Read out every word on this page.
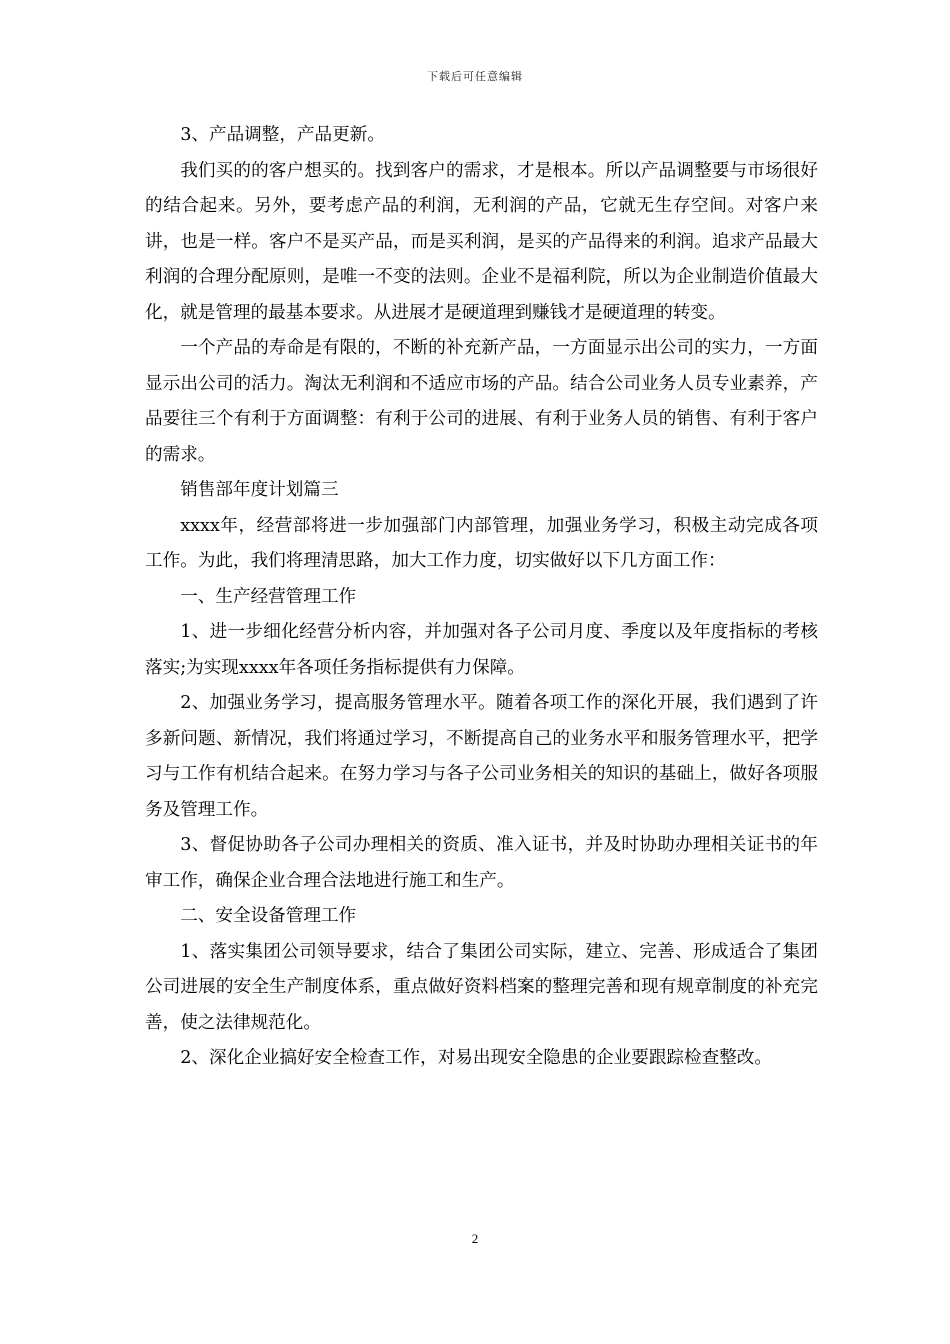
下载后可任意编辑

3、产品调整，产品更新。

我们买的的客户想买的。找到客户的需求，才是根本。所以产品调整要与市场很好的结合起来。另外，要考虑产品的利润，无利润的产品，它就无生存空间。对客户来讲，也是一样。客户不是买产品，而是买利润，是买的产品得来的利润。追求产品最大利润的合理分配原则，是唯一不变的法则。企业不是福利院，所以为企业制造价值最大化，就是管理的最基本要求。从进展才是硬道理到赚钱才是硬道理的转变。

一个产品的寿命是有限的，不断的补充新产品，一方面显示出公司的实力，一方面显示出公司的活力。淘汰无利润和不适应市场的产品。结合公司业务人员专业素养，产品要往三个有利于方面调整：有利于公司的进展、有利于业务人员的销售、有利于客户的需求。

销售部年度计划篇三

xxxx年，经营部将进一步加强部门内部管理，加强业务学习，积极主动完成各项工作。为此，我们将理清思路，加大工作力度，切实做好以下几方面工作：

一、生产经营管理工作

1、进一步细化经营分析内容，并加强对各子公司月度、季度以及年度指标的考核落实;为实现xxxx年各项任务指标提供有力保障。

2、加强业务学习，提高服务管理水平。随着各项工作的深化开展，我们遇到了许多新问题、新情况，我们将通过学习，不断提高自己的业务水平和服务管理水平，把学习与工作有机结合起来。在努力学习与各子公司业务相关的知识的基础上，做好各项服务及管理工作。

3、督促协助各子公司办理相关的资质、准入证书，并及时协助办理相关证书的年审工作，确保企业合理合法地进行施工和生产。

二、安全设备管理工作

1、落实集团公司领导要求，结合了集团公司实际，建立、完善、形成适合了集团公司进展的安全生产制度体系，重点做好资料档案的整理完善和现有规章制度的补充完善，使之法律规范化。

2、深化企业搞好安全检查工作，对易出现安全隐患的企业要跟踪检查整改。

2
